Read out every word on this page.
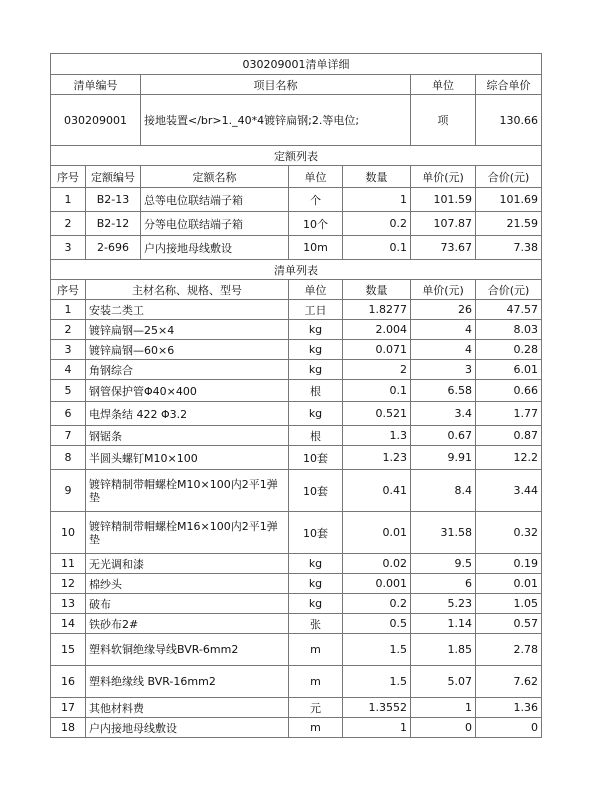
030209001清单详细						
清单编号		项目名称			单位	综合单价
030209001		接地装置</br>1._40*4镀锌扁钢;2.等电位;			项	130.66
定额列表						
序号	定额编号	定额名称	单位	数量	单价(元)	合价(元)
1	B2-13	总等电位联结端子箱	个	1	101.59	101.69
2	B2-12	分等电位联结端子箱	10个	0.2	107.87	21.59
3	2-696	户内接地母线敷设	10m	0.1	73.67	7.38
清单列表						
序号	主材名称、规格、型号		单位	数量	单价(元)	合价(元)
1	安装二类工		工日	1.8277	26	47.57
2	镀锌扁钢—25×4		kg	2.004	4	8.03
3	镀锌扁钢—60×6		kg	0.071	4	0.28
4	角钢综合		kg	2	3	6.01
5	钢管保护管Φ40×400		根	0.1	6.58	0.66
6	电焊条结 422 Φ3.2		kg	0.521	3.4	1.77
7	钢锯条		根	1.3	0.67	0.87
8	半圆头螺钉M10×100		10套	1.23	9.91	12.2
9	镀锌精制带帽螺栓M10×100内2平1弹垫		10套	0.41	8.4	3.44
10	镀锌精制带帽螺栓M16×100内2平1弹垫		10套	0.01	31.58	0.32
11	无光调和漆		kg	0.02	9.5	0.19
12	棉纱头		kg	0.001	6	0.01
13	破布		kg	0.2	5.23	1.05
14	铁砂布2#		张	0.5	1.14	0.57
15	塑料软铜绝缘导线BVR-6mm2		m	1.5	1.85	2.78
16	塑料绝缘线 BVR-16mm2		m	1.5	5.07	7.62
17	其他材料费		元	1.3552	1	1.36
18	户内接地母线敷设		m	1	0	0
